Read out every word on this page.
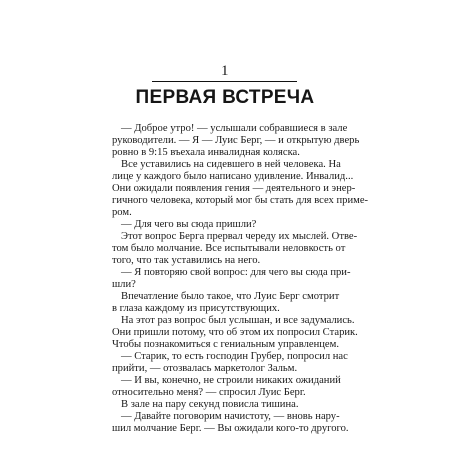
1
ПЕРВАЯ ВСТРЕЧА

— Доброе утро! — услышали собравшиеся в зале
руководители. — Я — Луис Берг, — и открытую дверь
ровно в 9:15 въехала инвалидная коляска.

Все уставились на сидевшего в ней человека. На
лице у каждого было написано удивление. Инвалид...
Они ожидали появления гения — деятельного и энер-
гичного человека, который мог бы стать для всех приме-
ром.

— Для чего вы сюда пришли?

Этот вопрос Берга прервал череду их мыслей. Отве-
том было молчание. Все испытывали неловкость от
того, что так уставились на него.

— Я повторяю свой вопрос: для чего вы сюда при-
шли?

Впечатление было такое, что Луис Берг смотрит
в глаза каждому из присутствующих.

На этот раз вопрос был услышан, и все задумались.
Они пришли потому, что об этом их попросил Старик.
Чтобы познакомиться с гениальным управленцем.

— Старик, то есть господин Грубер, попросил нас
прийти, — отозвалась маркетолог Зальм.

— И вы, конечно, не строили никаких ожиданий
относительно меня? — спросил Луис Берг.

В зале на пару секунд повисла тишина.

— Давайте поговорим начистоту, — вновь нару-
шил молчание Берг. — Вы ожидали кого-то другого.
